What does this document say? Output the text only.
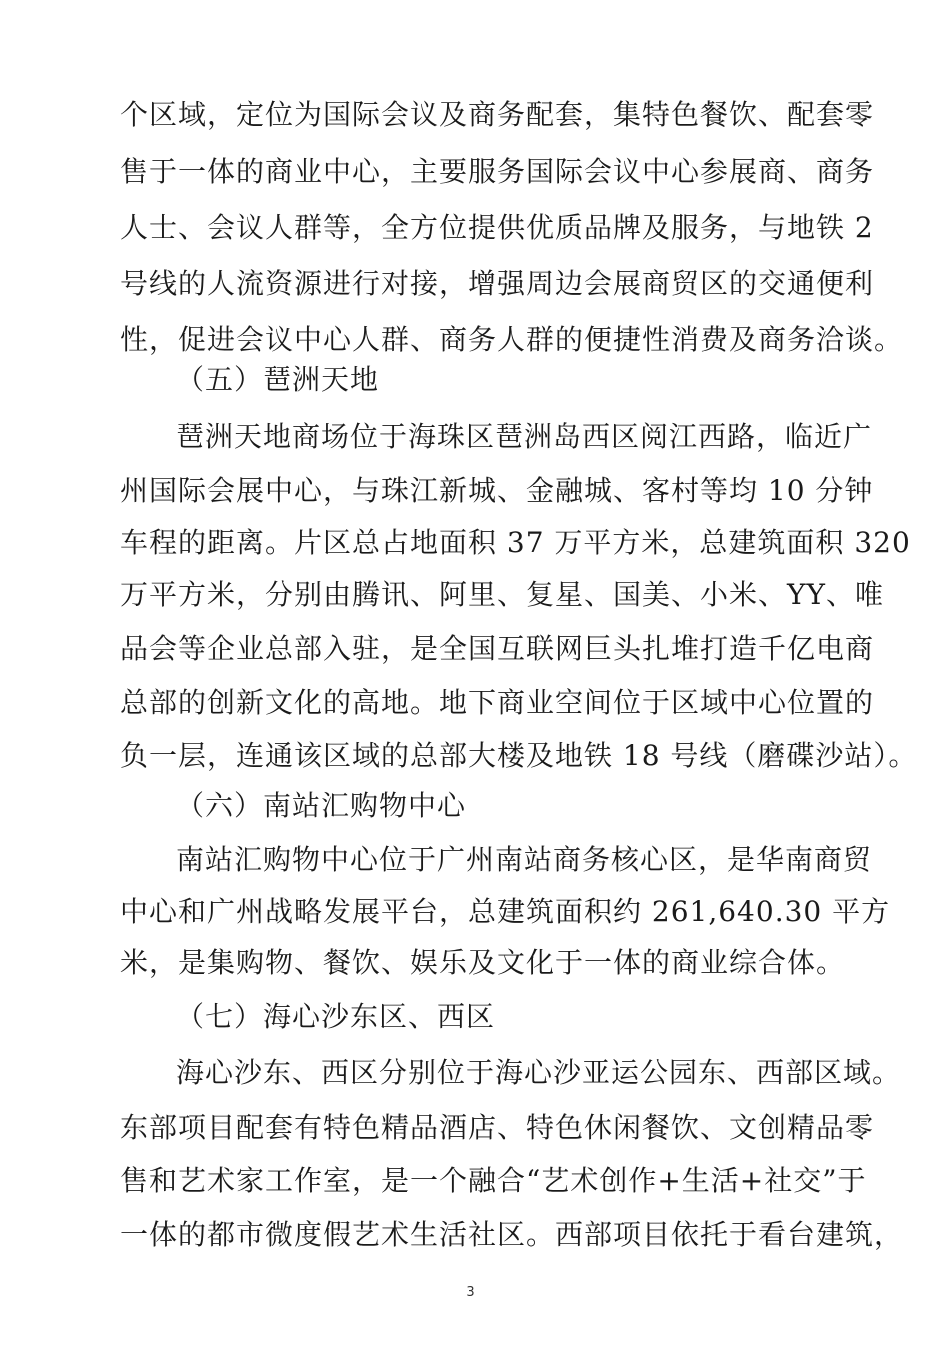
个区域，定位为国际会议及商务配套，集特色餐饮、配套零
售于一体的商业中心，主要服务国际会议中心参展商、商务
人士、会议人群等，全方位提供优质品牌及服务，与地铁 2
号线的人流资源进行对接，增强周边会展商贸区的交通便利
性，促进会议中心人群、商务人群的便捷性消费及商务洽谈。
（五）琶洲天地
琶洲天地商场位于海珠区琶洲岛西区阅江西路，临近广
州国际会展中心，与珠江新城、金融城、客村等均 10 分钟
车程的距离。片区总占地面积 37 万平方米，总建筑面积 320
万平方米，分别由腾讯、阿里、复星、国美、小米、YY、唯
品会等企业总部入驻，是全国互联网巨头扎堆打造千亿电商
总部的创新文化的高地。地下商业空间位于区域中心位置的
负一层，连通该区域的总部大楼及地铁 18 号线（磨碟沙站）。
（六）南站汇购物中心
南站汇购物中心位于广州南站商务核心区，是华南商贸
中心和广州战略发展平台，总建筑面积约 261,640.30 平方
米，是集购物、餐饮、娱乐及文化于一体的商业综合体。
（七）海心沙东区、西区
海心沙东、西区分别位于海心沙亚运公园东、西部区域。
东部项目配套有特色精品酒店、特色休闲餐饮、文创精品零
售和艺术家工作室，是一个融合“艺术创作+生活+社交”于
一体的都市微度假艺术生活社区。西部项目依托于看台建筑，
3
